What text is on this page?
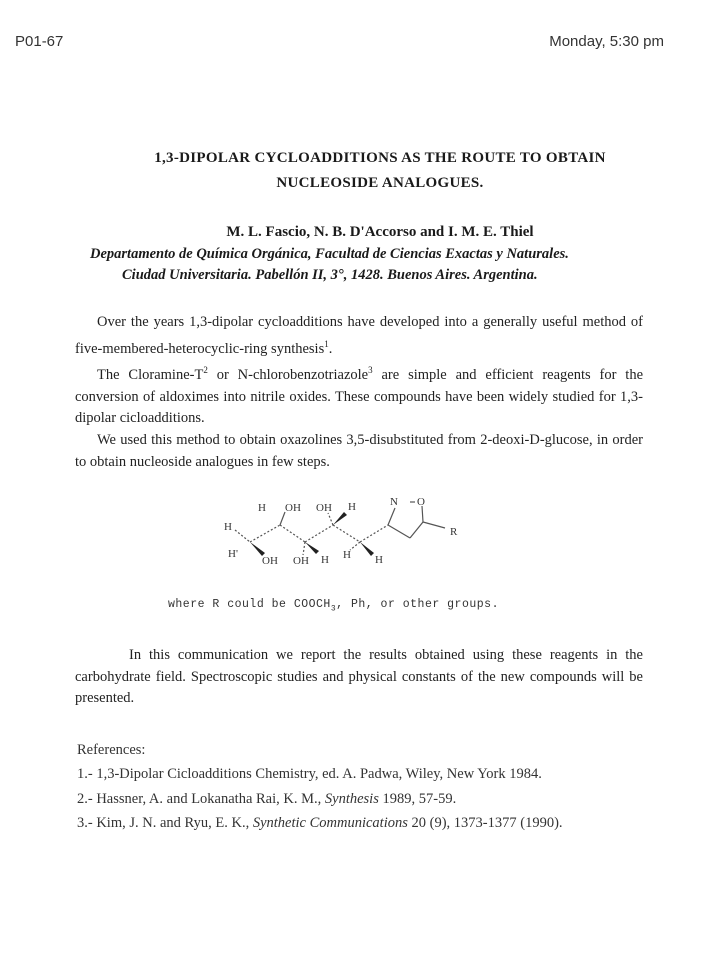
P01-67	Monday, 5:30 pm
1,3-DIPOLAR CYCLOADDITIONS AS THE ROUTE TO OBTAIN
NUCLEOSIDE ANALOGUES.
M. L. Fascio, N. B. D'Accorso and I. M. E. Thiel
Departamento de Química Orgánica, Facultad de Ciencias Exactas y Naturales.
Ciudad Universitaria. Pabellón II, 3°, 1428. Buenos Aires. Argentina.

Over the years 1,3-dipolar cycloadditions have developed into a generally useful method of five-membered-heterocyclic-ring synthesis$^1$.

The Cloramine-$T^2$ or N-chlorobenzotriazole$^3$ are simple and efficient reagents for the conversion of aldoximes into nitrile oxides. These compounds have been widely studied for 1,3-dipolar cicloadditions.

We used this method to obtain oxazolines 3,5-disubstituted from 2-deoxi-D-glucose, in order to obtain nucleoside analogues in few steps.

H OH OH H	N O
H	R
H'
OH OH H H H
where R could be $COOCH_3$, Ph, or other groups.

In this communication we report the results obtained using these reagents in the carbohydrate field. Spectroscopic studies and physical constants of the new compounds will be presented.

References:
1.- 1,3-Dipolar Cicloadditions Chemistry, ed. A. Padwa, Wiley, New York 1984.
2.- Hassner, A. and Lokanatha Rai, K. M., Synthesis 1989, 57-59.
3.- Kim, J. N. and Ryu, E. K., Synthetic Communications 20 (9), 1373-1377 (1990).
